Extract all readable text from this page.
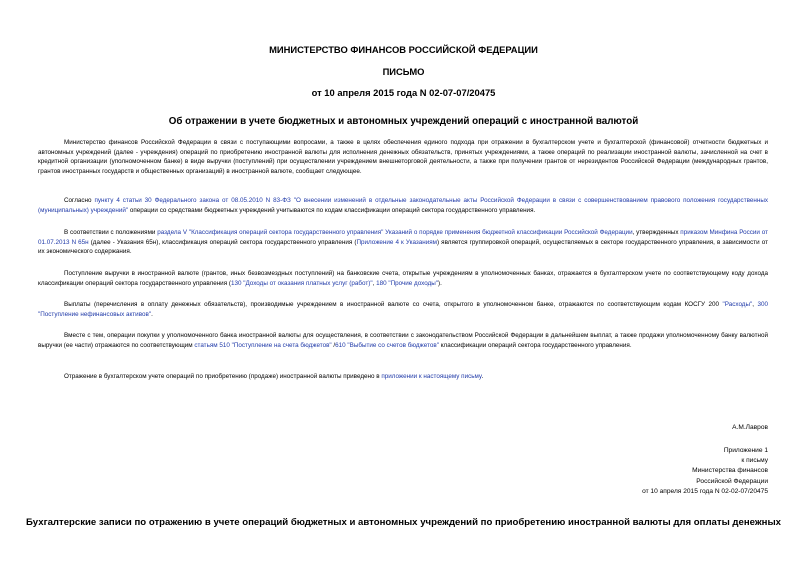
МИНИСТЕРСТВО ФИНАНСОВ РОССИЙСКОЙ ФЕДЕРАЦИИ
ПИСЬМО
от 10 апреля 2015 года N 02-07-07/20475
Об отражении в учете бюджетных и автономных учреждений операций с иностранной валютой
Министерство финансов Российской Федерации в связи с поступающими вопросами, а также в целях обеспечения единого подхода при отражении в бухгалтерском учете и бухгалтерской (финансовой) отчетности бюджетных и автономных учреждений (далее - учреждения) операций по приобретению иностранной валюты для исполнения денежных обязательств, принятых учреждениями, а также операций по реализации иностранной валюты, зачисленной на счет в кредитной организации (уполномоченном банке) в виде выручки (поступлений) при осуществлении учреждением внешнеторговой деятельности, а также при получении грантов от нерезидентов Российской Федерации (международных грантов, грантов иностранных государств и общественных организаций) в иностранной валюте, сообщает следующее.
Согласно пункту 4 статьи 30 Федерального закона от 08.05.2010 N 83-ФЗ "О внесении изменений в отдельные законодательные акты Российской Федерации в связи с совершенствованием правового положения государственных (муниципальных) учреждений" операции со средствами бюджетных учреждений учитываются по кодам классификации операций сектора государственного управления.
В соответствии с положениями раздела V "Классификация операций сектора государственного управления" Указаний о порядке применения бюджетной классификации Российской Федерации, утвержденных приказом Минфина России от 01.07.2013 N 65н (далее - Указания 65н), классификация операций сектора государственного управления (Приложение 4 к Указаниям) является группировкой операций, осуществляемых в секторе государственного управления, в зависимости от их экономического содержания.
Поступление выручки в иностранной валюте (грантов, иных безвозмездных поступлений) на банковские счета, открытые учреждениям в уполномоченных банках, отражается в бухгалтерском учете по соответствующему коду дохода классификации операций сектора государственного управления (130 "Доходы от оказания платных услуг (работ)", 180 "Прочие доходы").
Выплаты (перечисления в оплату денежных обязательств), производимые учреждением в иностранной валюте со счета, открытого в уполномоченном банке, отражаются по соответствующим кодам КОСГУ 200 "Расходы", 300 "Поступление нефинансовых активов".
Вместе с тем, операции покупки у уполномоченного банка иностранной валюты для осуществления, в соответствии с законодательством Российской Федерации в дальнейшем выплат, а также продажи уполномоченному банку валютной выручки (ее части) отражаются по соответствующим статьям 510 "Поступление на счета бюджетов" /610 "Выбытие со счетов бюджетов" классификации операций сектора государственного управления.
Отражение в бухгалтерском учете операций по приобретению (продаже) иностранной валюты приведено в приложении к настоящему письму.
А.М.Лавров
Приложение 1
к письму
Министерства финансов
Российской Федерации
от 10 апреля 2015 года N 02-02-07/20475
Бухгалтерские записи по отражению в учете операций бюджетных и автономных учреждений по приобретению иностранной валюты для оплаты денежных
